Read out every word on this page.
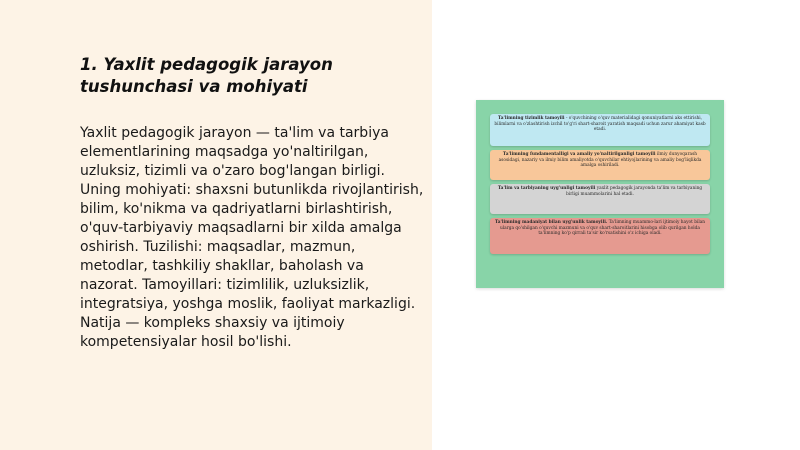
1. Yaxlit pedagogik jarayon tushunchasi va mohiyati

Yaxlit pedagogik jarayon — ta'lim va tarbiya elementlarining maqsadga yo'naltirilgan, uzluksiz, tizimli va o'zaro bog'langan birligi. Uning mohiyati: shaxsni butunlikda rivojlantirish, bilim, ko'nikma va qadriyatlarni birlashtirish, o'quv-tarbiyaviy maqsadlarni bir xilda amalga oshirish. Tuzilishi: maqsadlar, mazmun, metodlar, tashkiliy shakllar, baholash va nazorat. Tamoyillari: tizimlilik, uzluksizlik, integratsiya, yoshga moslik, faoliyat markazligi. Natija — kompleks shaxsiy va ijtimoiy kompetensiyalar hosil bo'lishi.

Ta'limning tizimlik tamoyili - o'quvchining o'quv materialidagi qonuniyatlarni aks ettirishi, bilimlarni va o'zlashtirish izchil to'g'ri shart-sharoit yaratish maqsadi uchun zarur ahamiyat kasb etadi.
Ta'limning fundamentalligi va amaliy yo'naltirilganligi tamoyili ilmiy dunyoqarash asosidagi, nazariy va ilmiy bilim amaliyotda o'quvchilar ehtiyojlarining va amaliy bog'liqlikda amalga oshiriladi.
Ta'lim va tarbiyaning uyg'unligi tamoyili yaxlit pedagogik jarayonda ta'lim va tarbiyaning birligi muammolarini hal etadi.
Ta'limning madaniyat bilan uyg'unlik tamoyili. Ta'limning muammo-lari ijtimoiy hayot bilan ularga qo'shilgan o'quvchi mazmuni va o'quv shart-sharoitlarini hisobga olib qurilgan holda ta'limning ko'p qirrali ta'sir ko'rsatishini o'z ichiga oladi.
